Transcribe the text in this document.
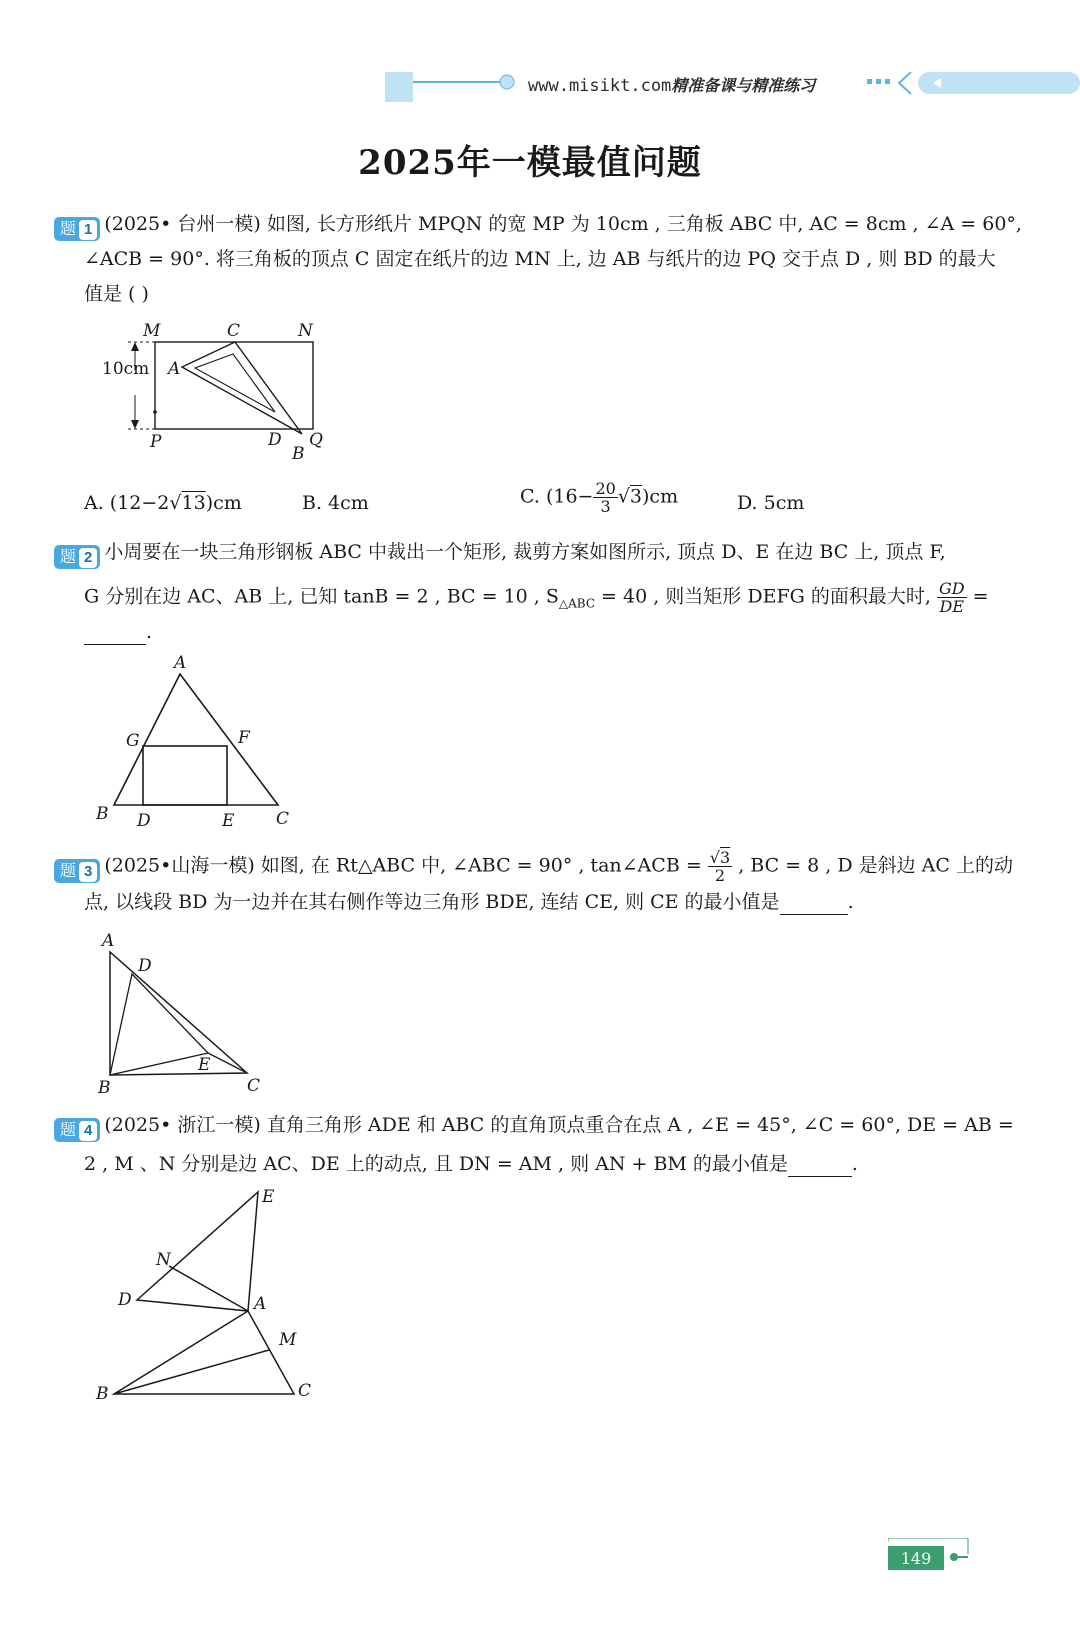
www.misikt.com精准备课与精准练习
2025年一模最值问题
题 1 (2025• 台州一模) 如图, 长方形纸片 MPQN 的宽 MP 为 10cm , 三角板 ABC 中, AC = 8cm , ∠A = 60°,
∠ACB = 90°. 将三角板的顶点 C 固定在纸片的边 MN 上, 边 AB 与纸片的边 PQ 交于点 D , 则 BD 的最大
值是 ( )
M	C	N
A
P	D
B
Q
10cm
A. (12−2√13)cm	B. 4cm	C. $(16- \frac{20}{3} √3)cm$	D. 5cm
题 2 小周要在一块三角形钢板 ABC 中裁出一个矩形, 裁剪方案如图所示, 顶点 D、E 在边 BC 上, 顶点 F,
G 分别在边 AC、AB 上, 已知 tanB = 2 , BC = 10 , $S_{\triangle ABC} = 40$ , 则当矩形 DEFG 的面积最大时, $\frac{GD}{DE}$ =
.
A
G	F
B D	E C
题 3 (2025•山海一模) 如图, 在 Rt△ABC 中, ∠ABC = 90° , tan∠ACB = $\frac{√3}{2}$ , BC = 8 , D 是斜边 AC 上的动
点, 以线段 BD 为一边并在其右侧作等边三角形 BDE, 连结 CE, 则 CE 的最小值是	.
A
D
E
B	C
题 4 (2025• 浙江一模) 直角三角形 ADE 和 ABC 的直角顶点重合在点 A , ∠E = 45°, ∠C = 60°, DE = AB =
2 , M 、N 分别是边 AC、DE 上的动点, 且 DN = AM , 则 AN + BM 的最小值是	.
E
N
D	A
M
B	C
149
